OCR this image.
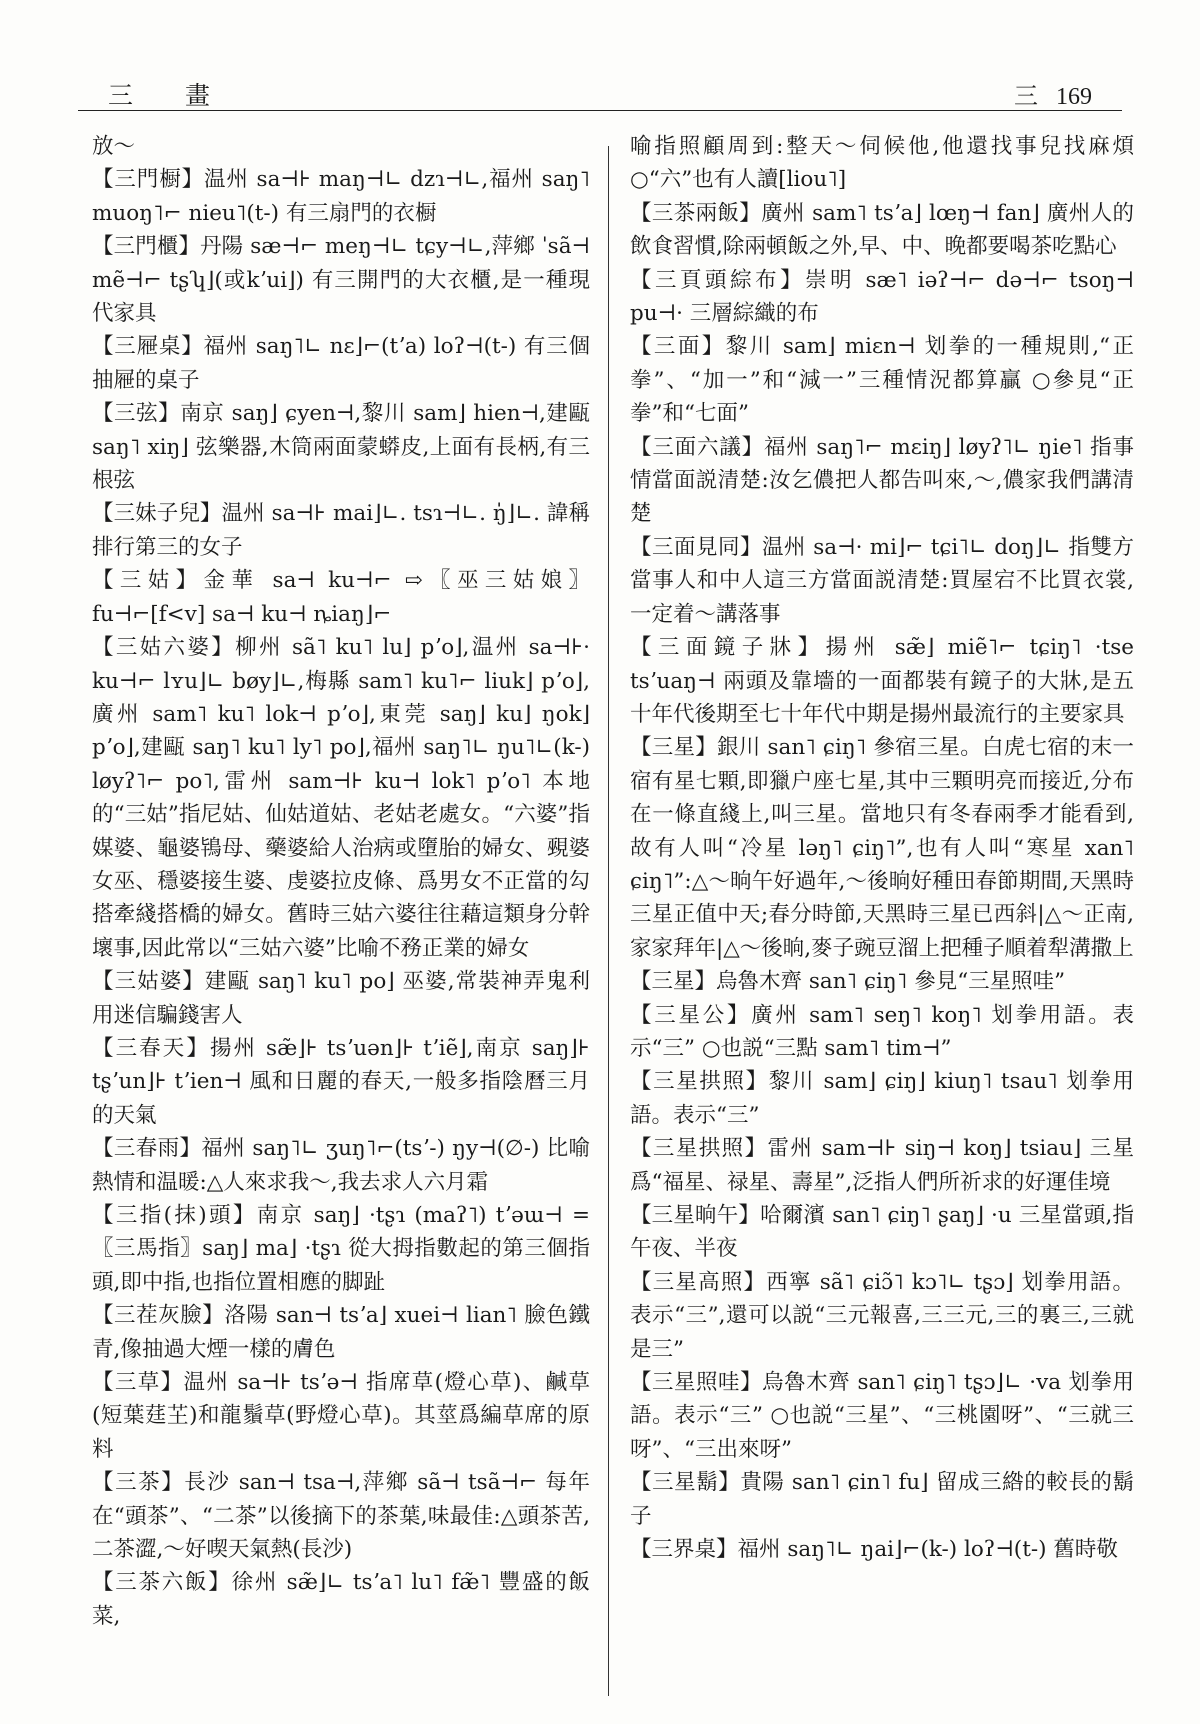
三 畫	三 169

放～

【三門橱】温州 sa⊣⊦ maŋ⊣∟ dzɿ⊣∟,福州 saŋ˥ muoŋ˥⌐ nieu˥(t-) 有三扇門的衣橱

【三門櫃】丹陽 sæ⊣⌐ meŋ⊣∟ tɕy⊣∟,萍鄉 ˈsã⊣ mẽ⊣⌐ tʂʮ⌋(或kʼui⌋) 有三開門的大衣櫃,是一種現代家具

【三屜桌】福州 saŋ˥∟ nɛ⌋⌐(tʼa) loʔ⊣(t-) 有三個抽屜的桌子

【三弦】南京 saŋ⌋ ɕyen⊣,黎川 sam⌋ hien⊣,建甌 saŋ˥ xiŋ⌋ 弦樂器,木筒兩面蒙蟒皮,上面有長柄,有三根弦

【三妹子兒】温州 sa⊣⊦ mai⌋∟. tsɿ⊣∟. ŋ̍⌋∟. 諱稱排行第三的女子

【三姑】金華 sa⊣ ku⊣⌐ ⇨〖巫三姑娘〗fu⊣⌐[f<v] sa⊣ ku⊣ ȵiaŋ⌋⌐

【三姑六婆】柳州 sã˥ ku˥ lu⌋ pʼo⌋,温州 sa⊣⊦· ku⊣⌐ lʏu⌋∟ bøy⌋∟,梅縣 sam˥ ku˥⌐ liuk⌋ pʼo⌋,廣州 sam˥ ku˥ lok⊣ pʼo⌋,東莞 saŋ⌋ ku⌋ ŋok⌋ pʼo⌋,建甌 saŋ˥ ku˥ ly˥ po⌋,福州 saŋ˥∟ ŋu˥∟(k-) løyʔ˥⌐ po˥,雷州 sam⊣⊦ ku⊣ lok˥ pʼo˥ 本地的“三姑”指尼姑、仙姑道姑、老姑老處女。“六婆”指媒婆、龜婆鴇母、藥婆給人治病或墮胎的婦女、覡婆女巫、穩婆接生婆、虔婆拉皮條、爲男女不正當的勾搭牽綫搭橋的婦女。舊時三姑六婆往往藉這類身分幹壞事,因此常以“三姑六婆”比喻不務正業的婦女

【三姑婆】建甌 saŋ˥ ku˥ po⌋ 巫婆,常裝神弄鬼利用迷信騙錢害人

【三春天】揚州 sæ̃⌋⊦ tsʼuən⌋⊦ tʼiẽ⌋,南京 saŋ⌋⊦ tʂʼun⌋⊦ tʼien⊣ 風和日麗的春天,一般多指陰曆三月的天氣

【三春雨】福州 saŋ˥∟ ʒuŋ˥⌐(tsʼ-) ŋy⊣(∅-) 比喻熱情和温暖:△人來求我～,我去求人六月霜

【三指(抹)頭】南京 saŋ⌋ ·tʂɿ (maʔ˥) tʼəɯ⊣ =〖三馬指〗saŋ⌋ ma⌋ ·tʂɿ 從大拇指數起的第三個指頭,即中指,也指位置相應的脚趾

【三茬灰臉】洛陽 san⊣ tsʼa⌋ xuei⊣ lian˥ 臉色鐵青,像抽過大煙一樣的膚色

【三草】温州 sa⊣⊦ tsʼə⊣ 指席草(燈心草)、鹹草(短葉莛芏)和龍鬚草(野燈心草)。其莖爲編草席的原料

【三茶】長沙 san⊣ tsa⊣,萍鄉 sã⊣ tsã⊣⌐ 每年在“頭茶”、“二茶”以後摘下的茶葉,味最佳:△頭茶苦,二茶澀,～好喫天氣熱(長沙)

【三茶六飯】徐州 sæ̃⌋∟ tsʼa˥ lu˥ fæ̃˥ 豐盛的飯菜,

喻指照顧周到:整天～伺候他,他還找事兒找麻煩 ○“六”也有人讀[liou˥]

【三茶兩飯】廣州 sam˥ tsʼa⌋ lœŋ⊣ fan⌋ 廣州人的飲食習慣,除兩頓飯之外,早、中、晚都要喝茶吃點心

【三頁頭綜布】崇明 sæ˥ iəʔ⊣⌐ də⊣⌐ tsoŋ⊣ pu⊣· 三層綜織的布

【三面】黎川 sam⌋ miɛn⊣ 划拳的一種規則,“正拳”、“加一”和“減一”三種情況都算贏 ○參見“正拳”和“七面”

【三面六議】福州 saŋ˥⌐ mɛiŋ⌋ løyʔ˥∟ ŋie˥ 指事情當面説清楚:汝乞儂把人都告叫來,～,儂家我們講清楚

【三面見同】温州 sa⊣· mi⌋⌐ tɕi˥∟ doŋ⌋∟ 指雙方當事人和中人這三方當面説清楚:買屋宕不比買衣裳,一定着～講落事

【三面鏡子牀】揚州 sæ̃⌋ miẽ˥⌐ tɕiŋ˥ ·tse tsʼuaŋ⊣ 兩頭及靠墻的一面都裝有鏡子的大牀,是五十年代後期至七十年代中期是揚州最流行的主要家具

【三星】銀川 san˥ ɕiŋ˥ 參宿三星。白虎七宿的末一宿有星七顆,即獵户座七星,其中三顆明亮而接近,分布在一條直綫上,叫三星。當地只有冬春兩季才能看到,故有人叫“冷星 ləŋ˥ ɕiŋ˥”,也有人叫“寒星 xan˥ ɕiŋ˥”:△～晌午好過年,～後晌好種田春節期間,天黑時三星正值中天;春分時節,天黑時三星已西斜|△～正南,家家拜年|△～後晌,麥子豌豆溜上把種子順着犁溝撒上

【三星】烏魯木齊 san˥ ɕiŋ˥ 參見“三星照哇”

【三星公】廣州 sam˥ seŋ˥ koŋ˥ 划拳用語。表示“三” ○也説“三點 sam˥ tim⊣”

【三星拱照】黎川 sam⌋ ɕiŋ⌋ kiuŋ˥ tsau˥ 划拳用語。表示“三”

【三星拱照】雷州 sam⊣⊦ siŋ⊣ koŋ⌋ tsiau⌋ 三星爲“福星、禄星、壽星”,泛指人們所祈求的好運佳境

【三星晌午】哈爾濱 san˥ ɕiŋ˥ ʂaŋ⌋ ·u 三星當頭,指午夜、半夜

【三星高照】西寧 sã˥ ɕiɔ̃˥ kɔ˥∟ tʂɔ⌋ 划拳用語。表示“三”,還可以説“三元報喜,三三元,三的裏三,三就是三”

【三星照哇】烏魯木齊 san˥ ɕiŋ˥ tʂɔ⌋∟ ·va 划拳用語。表示“三” ○也説“三星”、“三桃園呀”、“三就三呀”、“三出來呀”

【三星鬍】貴陽 san˥ ɕin˥ fu⌋ 留成三綹的較長的鬍子

【三界桌】福州 saŋ˥∟ ŋai⌋⌐(k-) loʔ⊣(t-) 舊時敬
